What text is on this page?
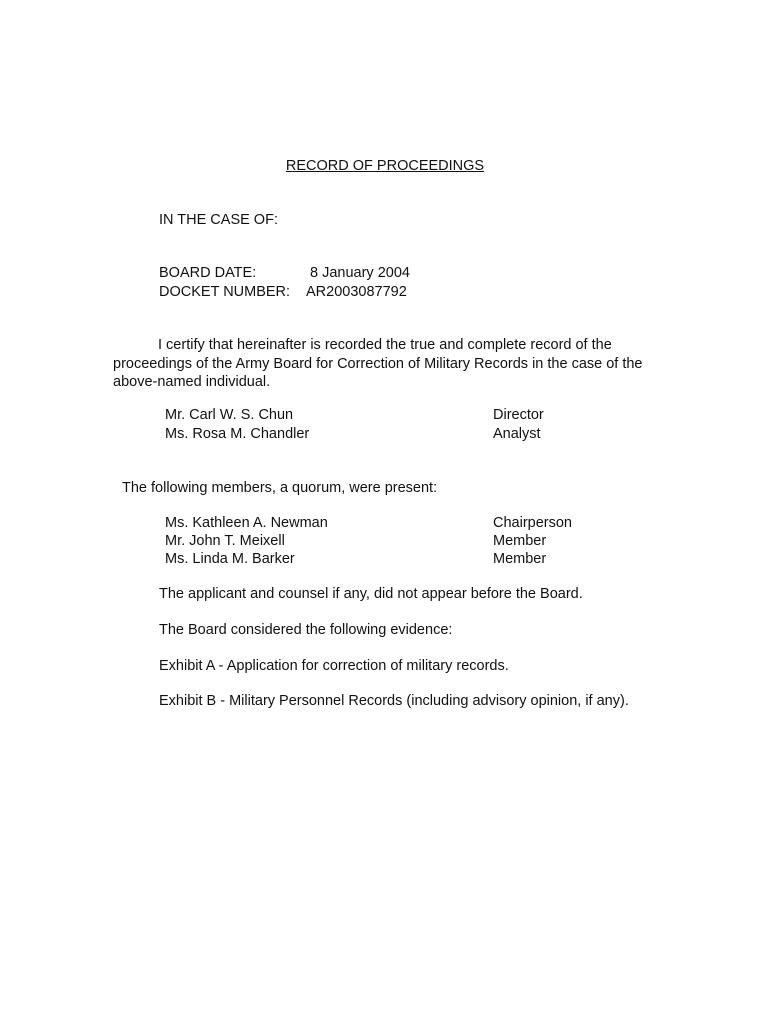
RECORD OF PROCEEDINGS
IN THE CASE OF:
BOARD DATE:	8 January 2004
DOCKET NUMBER: AR2003087792
I certify that hereinafter is recorded the true and complete record of the proceedings of the Army Board for Correction of Military Records in the case of the above-named individual.
Mr. Carl W. S. Chun	Director
Ms. Rosa M. Chandler	Analyst
The following members, a quorum, were present:
Ms. Kathleen A. Newman	Chairperson
Mr. John T. Meixell	Member
Ms. Linda M. Barker	Member
The applicant and counsel if any, did not appear before the Board.
The Board considered the following evidence:
Exhibit A - Application for correction of military records.
Exhibit B - Military Personnel Records (including advisory opinion, if any).
